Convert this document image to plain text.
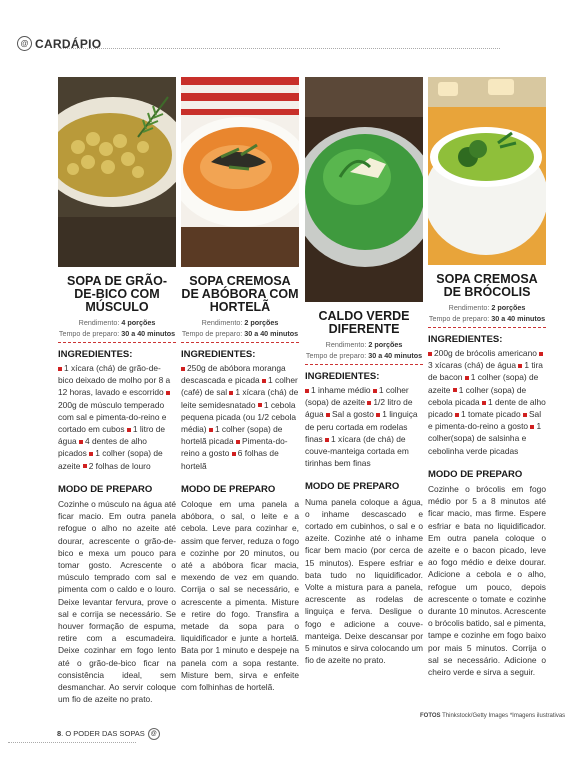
@ CARDÁPIO
SOPA DE GRÃO-DE-BICO COM MÚSCULO
Rendimento: 4 porções
Tempo de preparo: 30 a 40 minutos
INGREDIENTES:
1 xícara (chá) de grão-de-bico deixado de molho por 8 a 12 horas, lavado e escorrido 200g de músculo temperado com sal e pimenta-do-reino e cortado em cubos 1 litro de água 4 dentes de alho picados 1 colher (sopa) de azeite 2 folhas de louro
MODO DE PREPARO
Cozinhe o músculo na água até ficar macio. Em outra panela refogue o alho no azeite até dourar, acrescente o grão-de-bico e mexa um pouco para tomar gosto. Acrescente o músculo temprado com sal e pimenta com o caldo e o louro. Deixe levantar fervura, prove o sal e corrija se necessário. Se houver formação de espuma, retire com a escumadeira. Deixe cozinhar em fogo lento até o grão-de-bico ficar na consistência ideal, sem desmanchar. Ao servir coloque um fio de azeite no prato.
SOPA CREMOSA DE ABÓBORA COM HORTELÃ
Rendimento: 2 porções
Tempo de preparo: 30 a 40 minutos
INGREDIENTES:
250g de abóbora moranga descascada e picada 1 colher (café) de sal 1 xícara (chá) de leite semidesnatado 1 cebola pequena picada (ou 1/2 cebola média) 1 colher (sopa) de hortelã picada Pimenta-do-reino a gosto 6 folhas de hortelã
MODO DE PREPARO
Coloque em uma panela a abóbora, o sal, o leite e a cebola. Leve para cozinhar e, assim que ferver, reduza o fogo e cozinhe por 20 minutos, ou até a abóbora ficar macia, mexendo de vez em quando. Corrija o sal se necessário, e acrescente a pimenta. Misture e retire do fogo. Transfira a metade da sopa para o liquidificador e junte a hortelã. Bata por 1 minuto e despeje na panela com a sopa restante. Misture bem, sirva e enfeite com folhinhas de hortelã.
CALDO VERDE DIFERENTE
Rendimento: 2 porções
Tempo de preparo: 30 a 40 minutos
INGREDIENTES:
1 inhame médio 1 colher (sopa) de azeite 1/2 litro de água Sal a gosto 1 linguiça de peru cortada em rodelas finas 1 xícara (de chá) de couve-manteiga cortada em tirinhas bem finas
MODO DE PREPARO
Numa panela coloque a água, o inhame descascado e cortado em cubinhos, o sal e o azeite. Cozinhe até o inhame ficar bem macio (por cerca de 15 minutos). Espere esfriar e bata tudo no liquidificador. Volte a mistura para a panela, acrescente as rodelas de linguiça e ferva. Desligue o fogo e adicione a couve-manteiga. Deixe descansar por 5 minutos e sirva colocando um fio de azeite no prato.
SOPA CREMOSA DE BRÓCOLIS
Rendimento: 2 porções
Tempo de preparo: 30 a 40 minutos
INGREDIENTES:
200g de brócolis americano 3 xícaras (chá) de água 1 tira de bacon 1 colher (sopa) de azeite 1 colher (sopa) de cebola picada 1 dente de alho picado 1 tomate picado Sal e pimenta-do-reino a gosto 1 colher(sopa) de salsinha e cebolinha verde picadas
MODO DE PREPARO
Cozinhe o brócolis em fogo médio por 5 a 8 minutos até ficar macio, mas firme. Espere esfriar e bata no liquidificador. Em outra panela coloque o azeite e o bacon picado, leve ao fogo médio e deixe dourar. Adicione a cebola e o alho, refogue um pouco, depois acrescente o tomate e cozinhe durante 10 minutos. Acrescente o brócolis batido, sal e pimenta, tampe e cozinhe em fogo baixo por mais 5 minutos. Corrija o sal se necessário. Adicione o cheiro verde e sirva a seguir.
FOTOS Thinkstock/Getty Images *Imagens ilustrativas
8. O PODER DAS SOPAS @
